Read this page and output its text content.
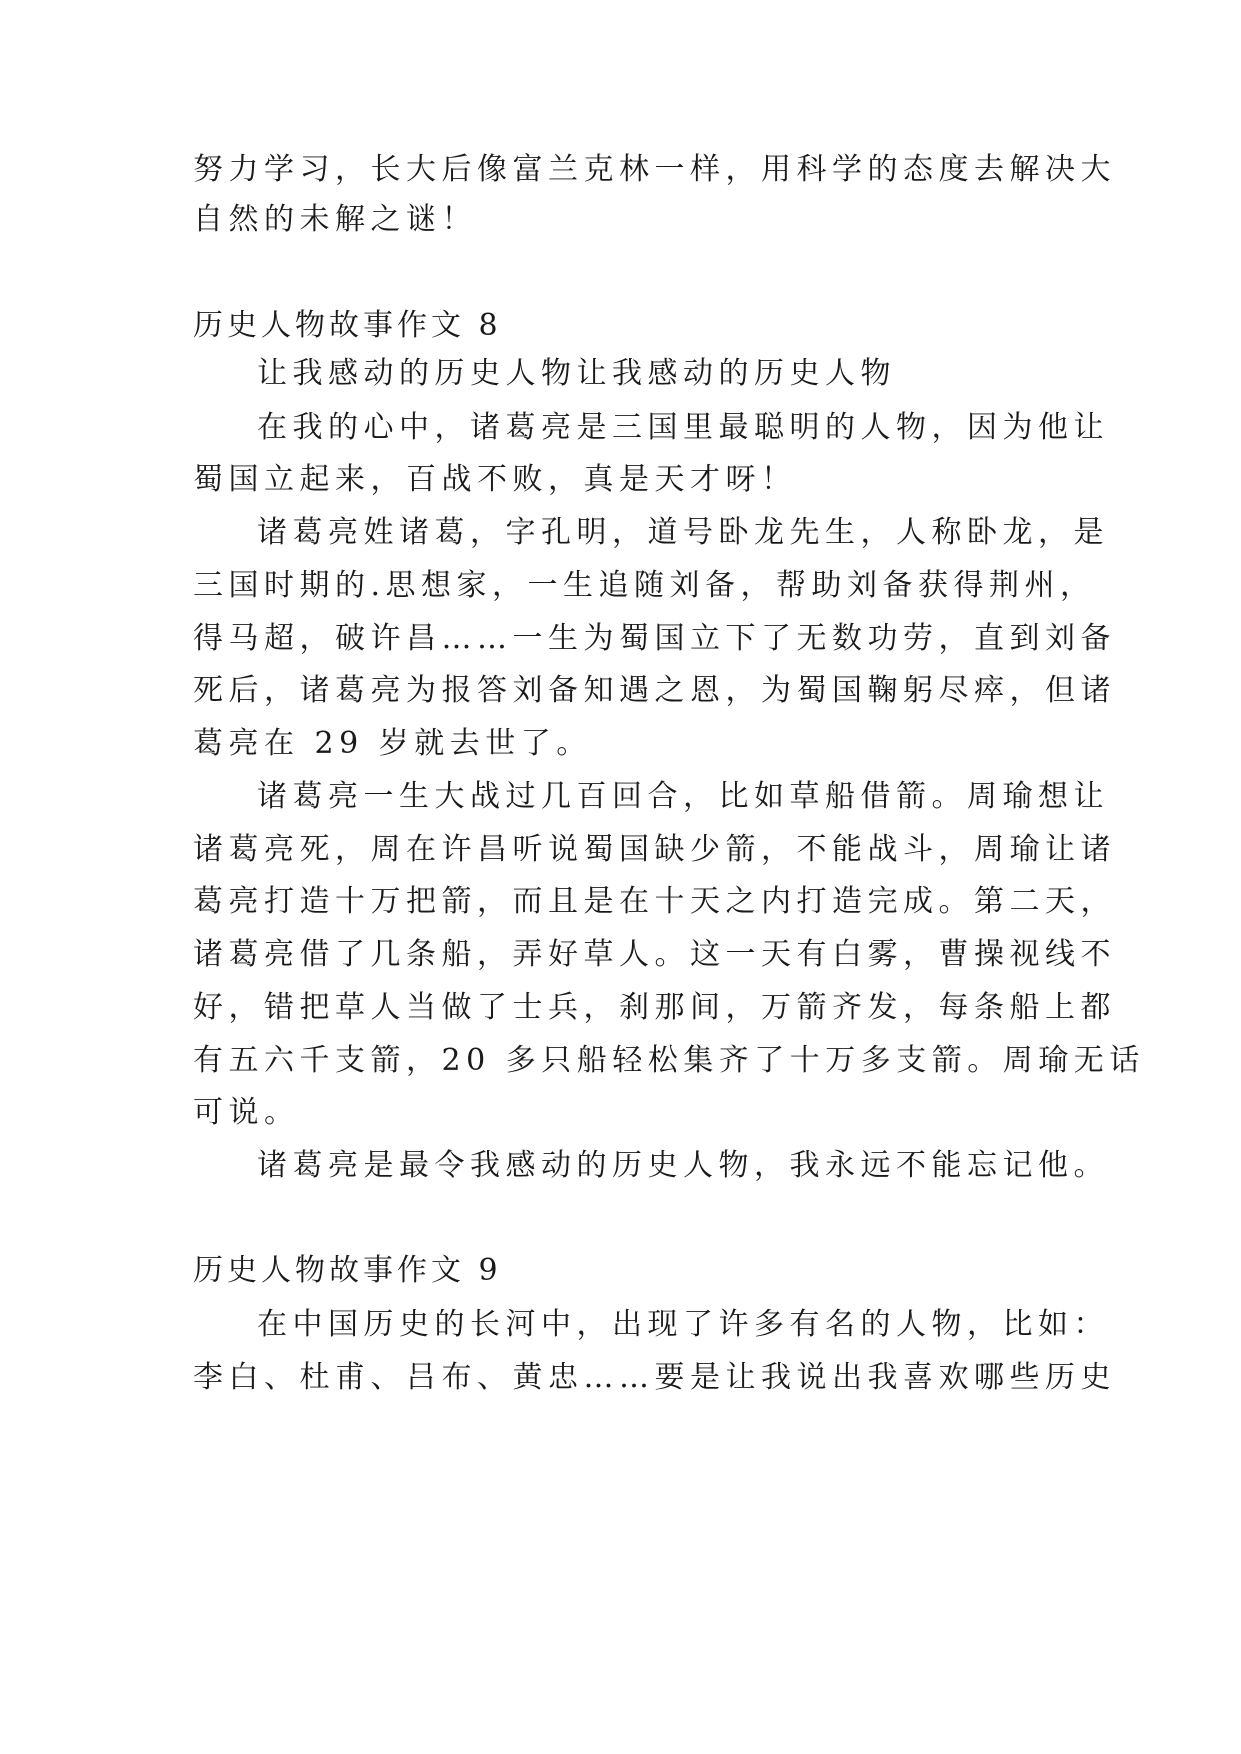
努力学习，长大后像富兰克林一样，用科学的态度去解决大
自然的未解之谜！
历史人物故事作文 8
让我感动的历史人物让我感动的历史人物
在我的心中，诸葛亮是三国里最聪明的人物，因为他让
蜀国立起来，百战不败，真是天才呀！
诸葛亮姓诸葛，字孔明，道号卧龙先生，人称卧龙，是
三国时期的.思想家，一生追随刘备，帮助刘备获得荆州，
得马超，破许昌……一生为蜀国立下了无数功劳，直到刘备
死后，诸葛亮为报答刘备知遇之恩，为蜀国鞠躬尽瘁，但诸
葛亮在 29 岁就去世了。
诸葛亮一生大战过几百回合，比如草船借箭。周瑜想让
诸葛亮死，周在许昌听说蜀国缺少箭，不能战斗，周瑜让诸
葛亮打造十万把箭，而且是在十天之内打造完成。第二天，
诸葛亮借了几条船，弄好草人。这一天有白雾，曹操视线不
好，错把草人当做了士兵，刹那间，万箭齐发，每条船上都
有五六千支箭，20 多只船轻松集齐了十万多支箭。周瑜无话
可说。
诸葛亮是最令我感动的历史人物，我永远不能忘记他。
历史人物故事作文 9
在中国历史的长河中，出现了许多有名的人物，比如：
李白、杜甫、吕布、黄忠……要是让我说出我喜欢哪些历史
